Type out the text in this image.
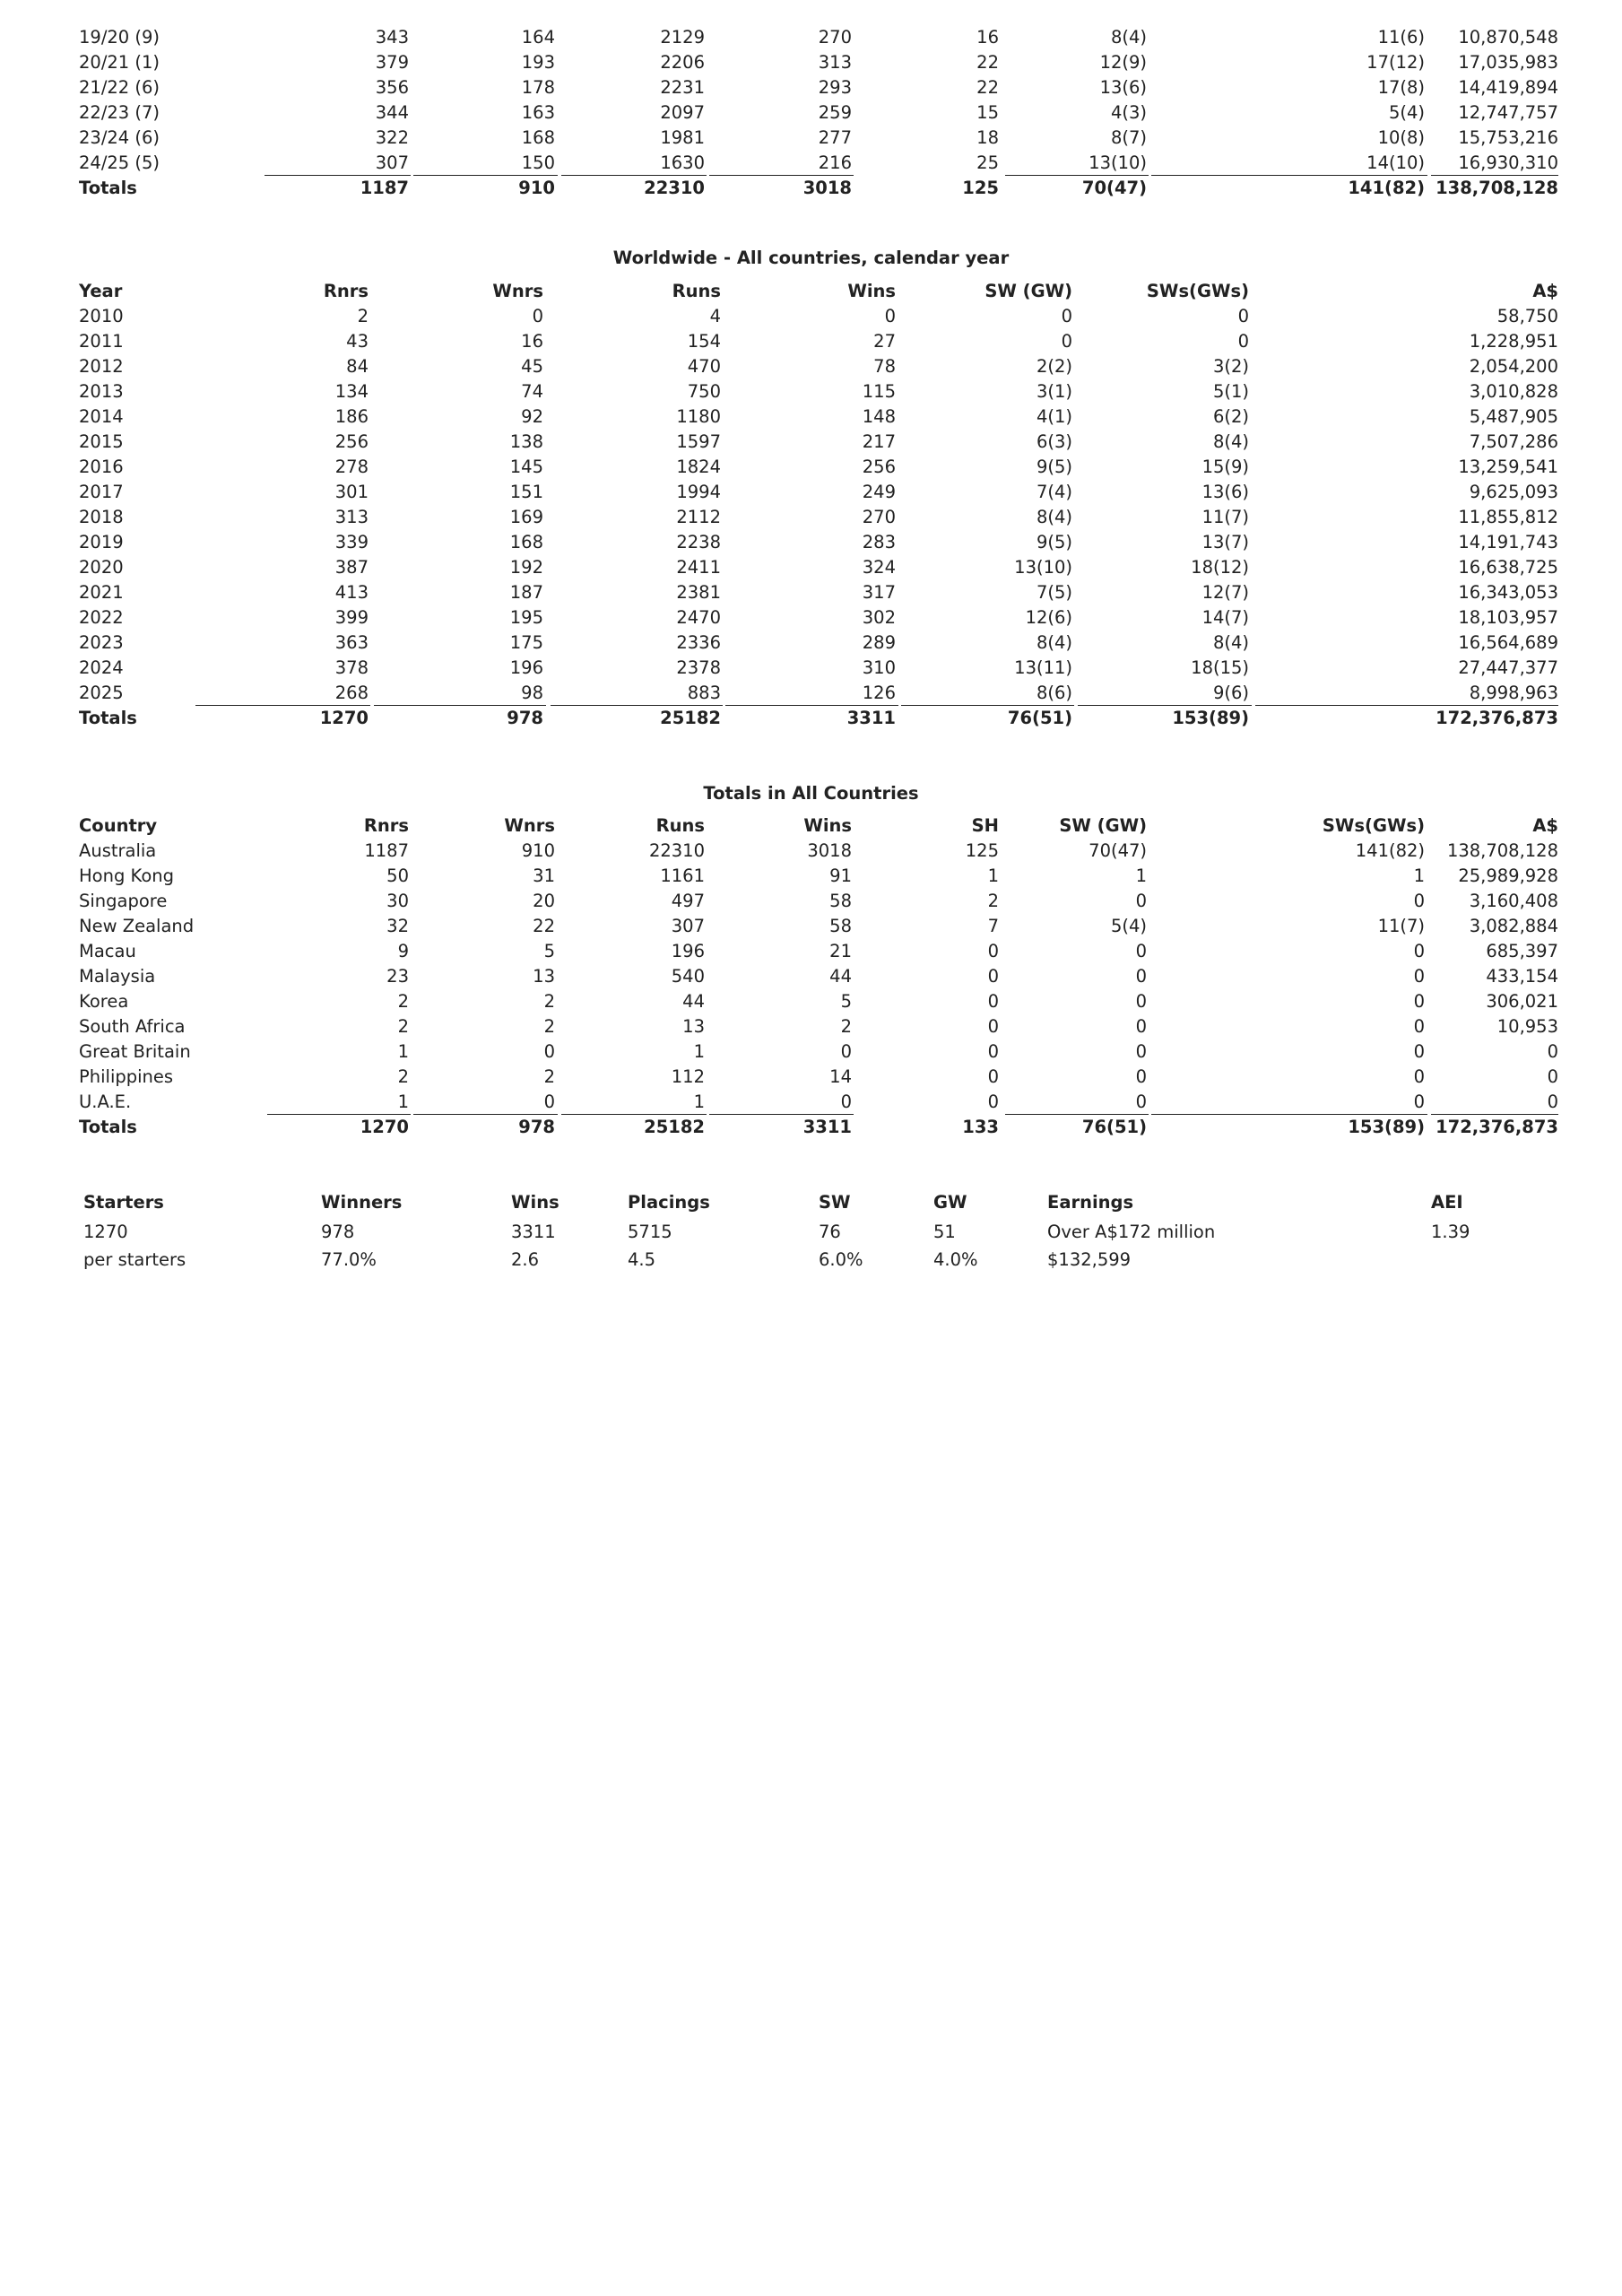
19/20 (9)	343	164	2129	270	16	8(4)	11(6) 10,870,548
20/21 (1)	379	193	2206	313	22	12(9)	17(12) 17,035,983
21/22 (6)	356	178	2231	293	22	13(6)	17(8) 14,419,894
22/23 (7)	344	163	2097	259	15	4(3)	5(4) 12,747,757
23/24 (6)	322	168	1981	277	18	8(7)	10(8) 15,753,216
24/25 (5)	307	150	1630	216	25	13(10)	14(10) 16,930,310
Totals	1187	910	22310	3018	125	70(47)	141(82) 138,708,128
Worldwide - All countries, calendar year
Year	Rnrs	Wnrs	Runs	Wins	SW (GW)	SWs(GWs)	A$
2010	2	0	4	0	0	0	58,750
2011	43	16	154	27	0	0	1,228,951
2012	84	45	470	78	2(2)	3(2)	2,054,200
2013	134	74	750	115	3(1)	5(1)	3,010,828
2014	186	92	1180	148	4(1)	6(2)	5,487,905
2015	256	138	1597	217	6(3)	8(4)	7,507,286
2016	278	145	1824	256	9(5)	15(9)	13,259,541
2017	301	151	1994	249	7(4)	13(6)	9,625,093
2018	313	169	2112	270	8(4)	11(7)	11,855,812
2019	339	168	2238	283	9(5)	13(7)	14,191,743
2020	387	192	2411	324	13(10)	18(12)	16,638,725
2021	413	187	2381	317	7(5)	12(7)	16,343,053
2022	399	195	2470	302	12(6)	14(7)	18,103,957
2023	363	175	2336	289	8(4)	8(4)	16,564,689
2024	378	196	2378	310	13(11)	18(15)	27,447,377
2025	268	98	883	126	8(6)	9(6)	8,998,963
Totals	1270	978	25182	3311	76(51)	153(89)	172,376,873
Totals in All Countries
Country	Rnrs	Wnrs	Runs	Wins	SH	SW (GW)	SWs(GWs)	A$
Australia	1187	910	22310	3018	125	70(47)	141(82) 138,708,128
Hong Kong	50	31	1161	91	1	1	1 25,989,928
Singapore	30	20	497	58	2	0	0	3,160,408
New Zealand	32	22	307	58	7	5(4)	11(7)	3,082,884
Macau	9	5	196	21	0	0	0	685,397
Malaysia	23	13	540	44	0	0	0	433,154
Korea	2	2	44	5	0	0	0	306,021
South Africa	2	2	13	2	0	0	0	10,953
Great Britain	1	0	1	0	0	0	0	0
Philippines	2	2	112	14	0	0	0	0
U.A.E.	1	0	1	0	0	0	0	0
Totals	1270	978	25182	3311	133	76(51)	153(89) 172,376,873
Starters	Winners	Wins	Placings	SW	GW	Earnings	AEI
1270	978	3311	5715	76	51	Over A$172 million	1.39
per starters	77.0%	2.6	4.5	6.0%	4.0%	$132,599
